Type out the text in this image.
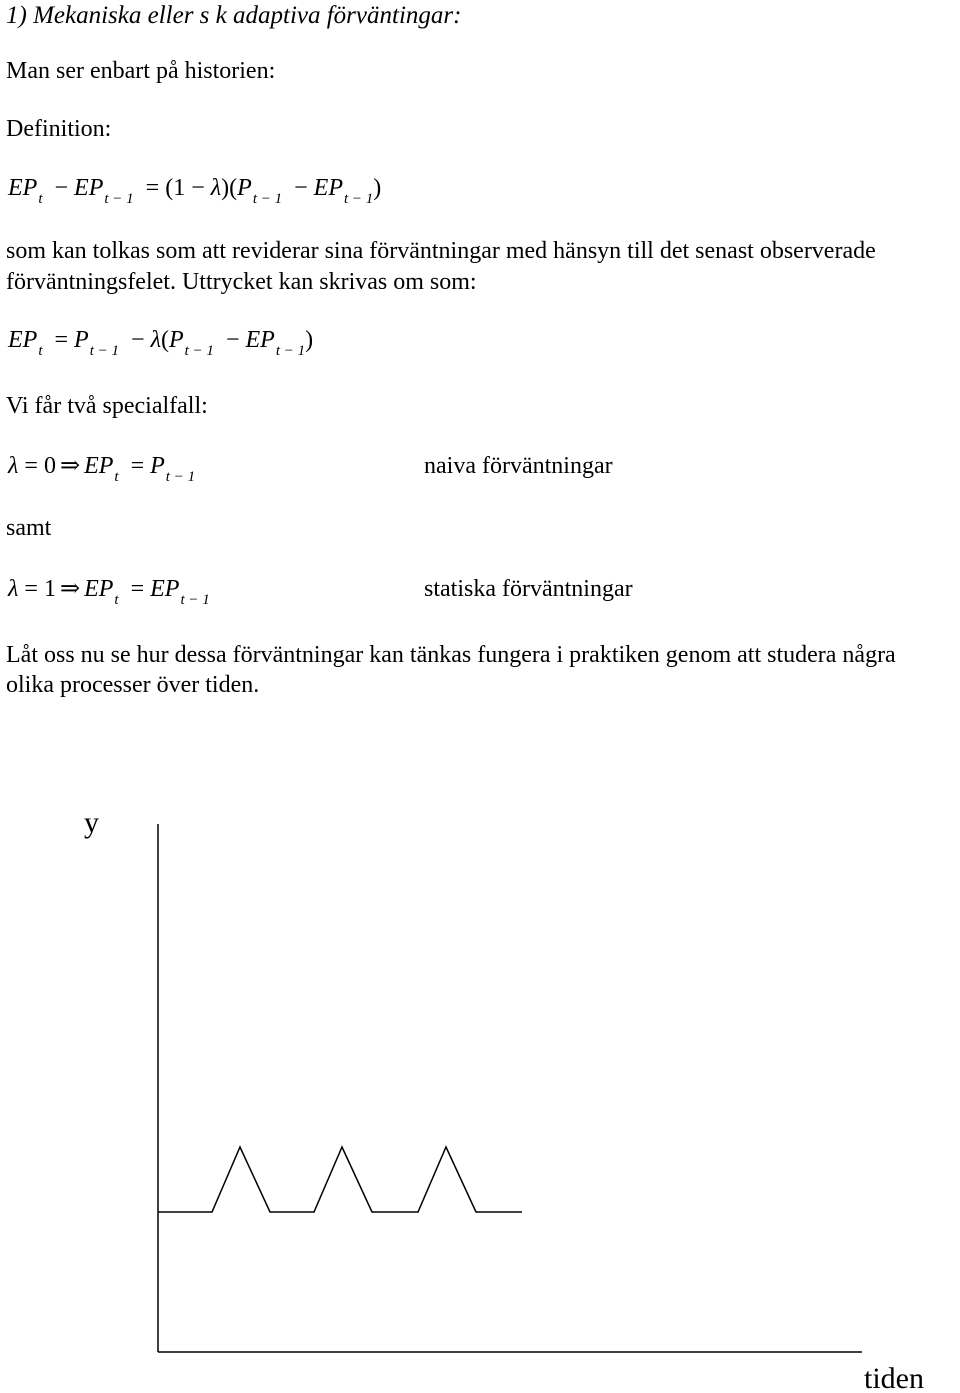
1) Mekaniska eller s k adaptiva förväntingar:
Man ser enbart på historien:
Definition:
$EP_t - EP_{t - 1} = (1 - \lambda)(P_{t - 1} - EP_{t - 1})$
som kan tolkas som att reviderar sina förväntningar med hänsyn till det senast observerade
förväntningsfelet. Uttrycket kan skrivas om som:
$EP_t = P_{t - 1} - \lambda(P_{t - 1} - EP_{t - 1})$
Vi får två specialfall:
λ = 0 ⇒ $EP_t = P_{t - 1}$	naiva förväntningar
samt
λ = 1 ⇒ $EP_t = EP_{t - 1}$	statiska förväntningar
Låt oss nu se hur dessa förväntningar kan tänkas fungera i praktiken genom att studera några
olika processer över tiden.
y
tiden
